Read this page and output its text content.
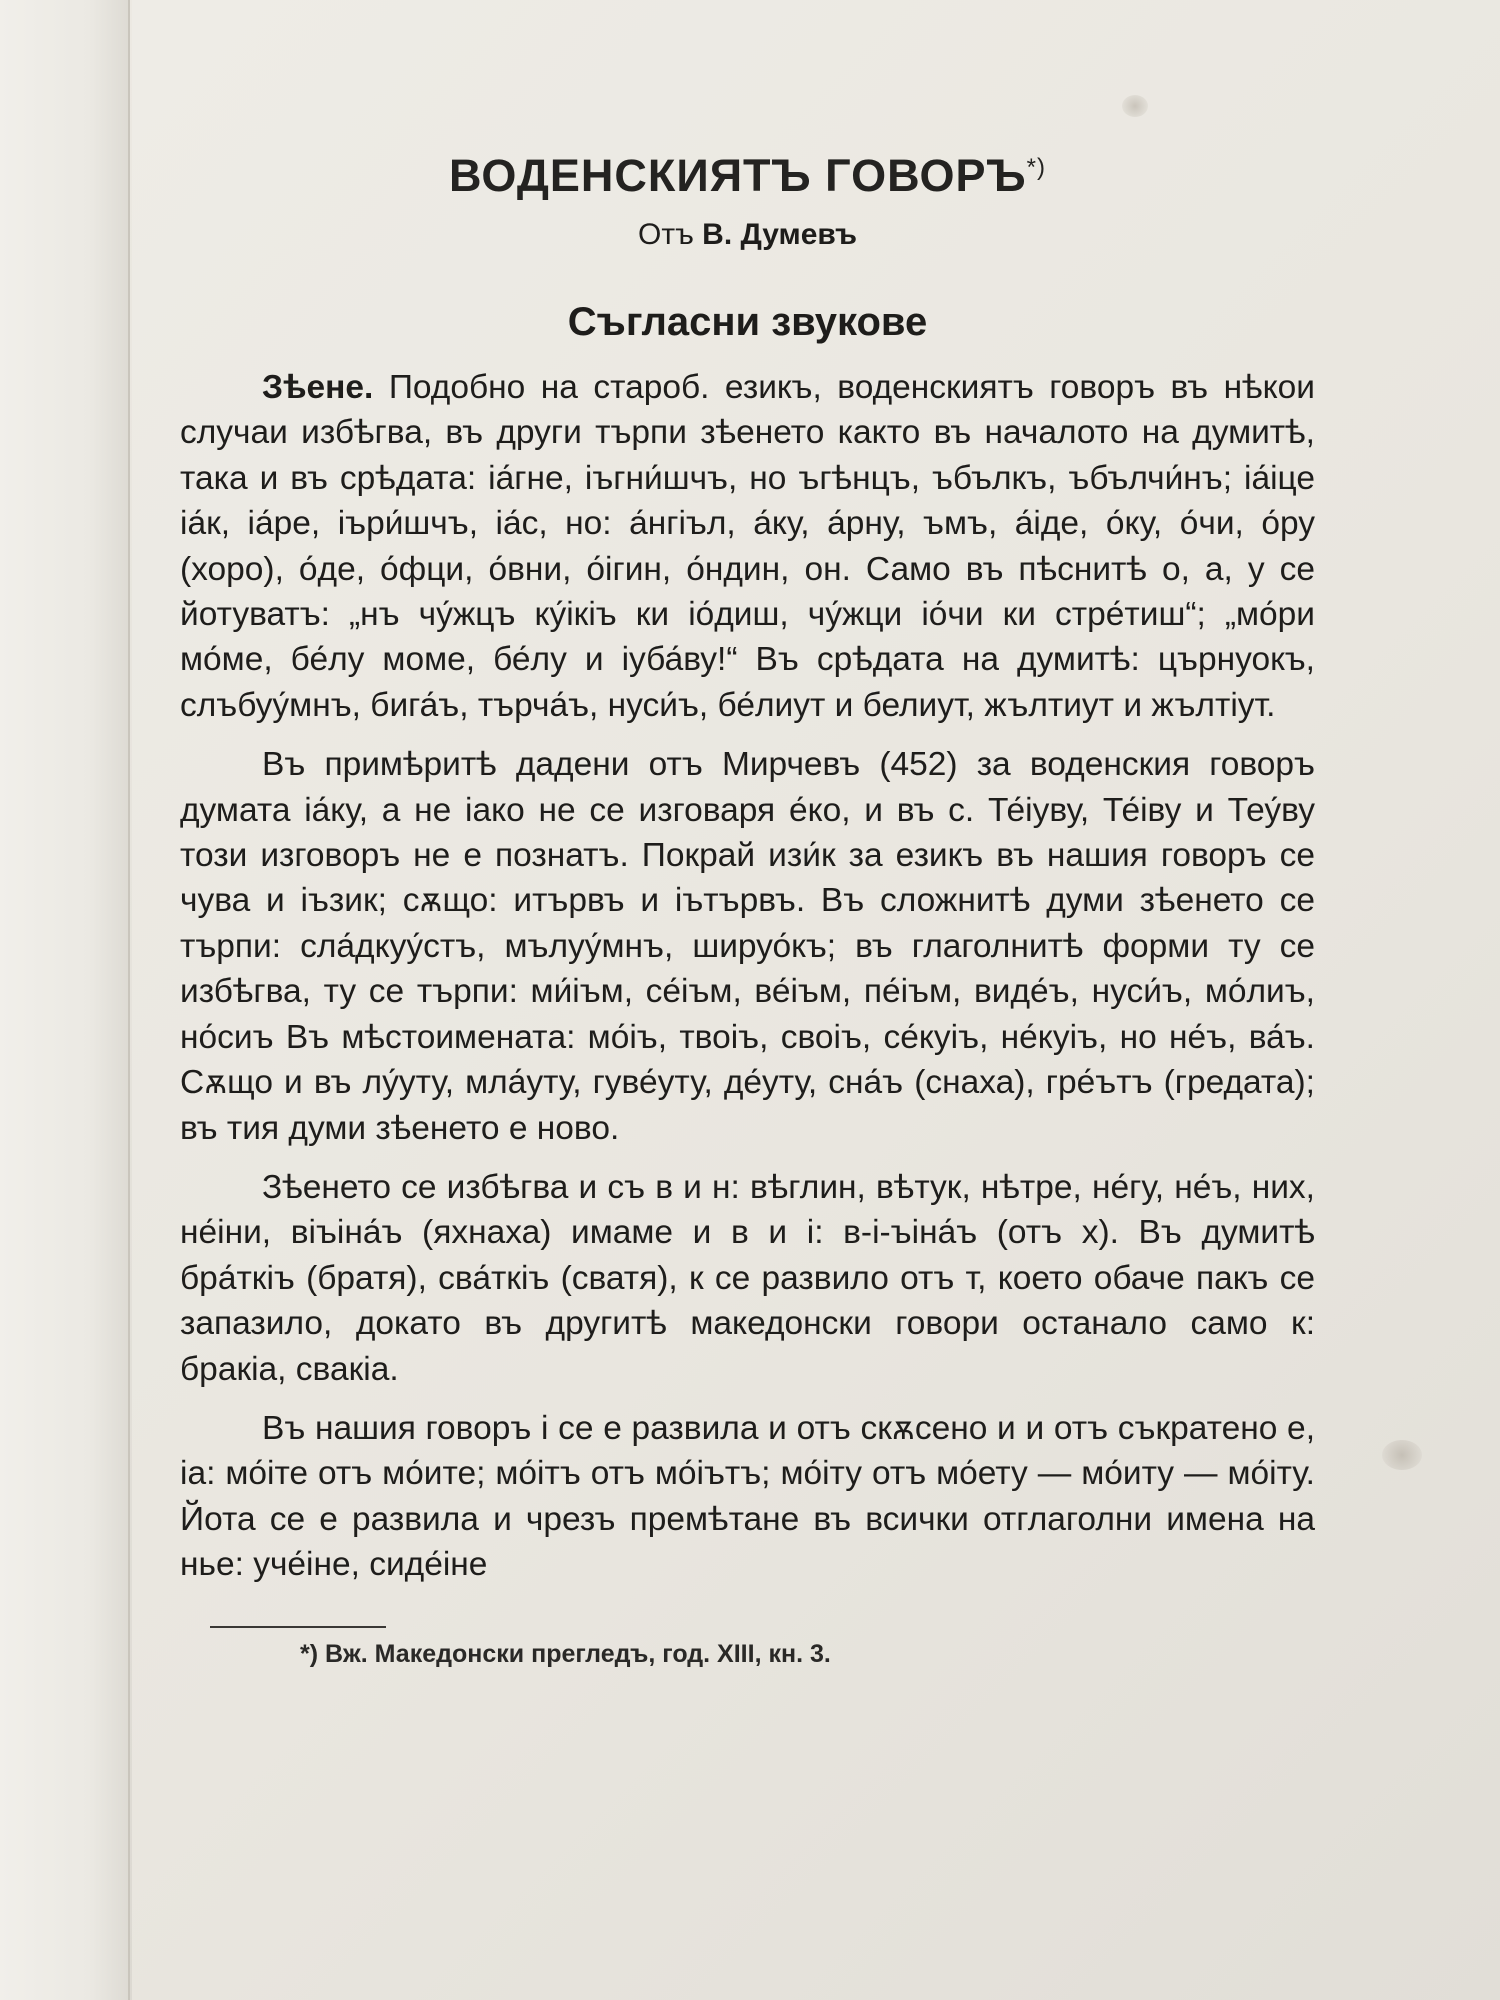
ВОДЕНСКИЯТЪ ГОВОРЪ*)
Отъ В. Думевъ
Съгласни звукове

Зѣене. Подобно на староб. езикъ, воденскиятъ говоръ въ нѣкои случаи избѣгва, въ други търпи зѣенето както въ началото на думитѣ, така и въ срѣдата: іа́гне, іъгни́шчъ, но ъгѣнцъ, ъбълкъ, ъбълчи́нъ; іа́іце іа́к, іа́ре, іъри́шчъ, іа́с, но: а́нгіъл, а́ку, а́рну, ъмъ, а́іде, о́ку, о́чи, о́ру (хоро), о́де, о́фци, о́вни, о́ігин, о́ндин, он. Само въ пѣснитѣ о, а, у се йотуватъ: „нъ чу́жцъ ку́ікіъ ки іо́диш, чу́жци іо́чи ки стре́тиш“; „мо́ри мо́ме, бе́лу моме, бе́лу и іуба́ву!“ Въ срѣдата на думитѣ: църнуокъ, слъбуу́мнъ, бига́ъ, търча́ъ, нуси́ъ, бе́лиут и белиут, жълтиут и жълтіут.

Въ примѣритѣ дадени отъ Мирчевъ (452) за воденския говоръ думата іа́ку, а не іако не се изговаря е́ко, и въ с. Те́іуву, Те́іву и Теу́ву този изговоръ не е познатъ. Покрай изи́к за езикъ въ нашия говоръ се чува и іъзик; сѫщо: итървъ и іътървъ. Въ сложнитѣ думи зѣенето се търпи: сла́дкуу́стъ, мълуу́мнъ, шируо́къ; въ глаголнитѣ форми ту се избѣгва, ту се търпи: ми́іъм, се́іъм, ве́іъм, пе́іъм, виде́ъ, нуси́ъ, мо́лиъ, но́сиъ Въ мѣстоименатa: мо́іъ, твоіъ, своіъ, се́куіъ, не́куіъ, но не́ъ, ва́ъ. Сѫщо и въ лу́уту, мла́уту, гуве́уту, де́уту, сна́ъ (снаха), гре́ътъ (гредата); въ тия думи зѣенето е ново.

Зѣенето се избѣгва и съ в и н: вѣглин, вѣтук, нѣтре, не́гу, не́ъ, них, не́іни, віъіна́ъ (яхнаха) имаме и в и і: в-і-ъіна́ъ (отъ х). Въ думитѣ бра́ткіъ (братя), сва́ткіъ (сватя), к се развило отъ т, което обаче пакъ се запазило, докато въ другитѣ македонски говори останало само к: бракіа, свакіа.

Въ нашия говоръ і се е развила и отъ скѫсено и и отъ съкратено е, іа: мо́іте отъ мо́ите; мо́ітъ отъ мо́іътъ; мо́іту отъ мо́ету — мо́иту — мо́іту. Йота се е развила и чрезъ премѣтане въ всички отглаголни имена на нье: уче́іне, сиде́іне

*) Вж. Македонски прегледъ, год. XIII, кн. 3.
